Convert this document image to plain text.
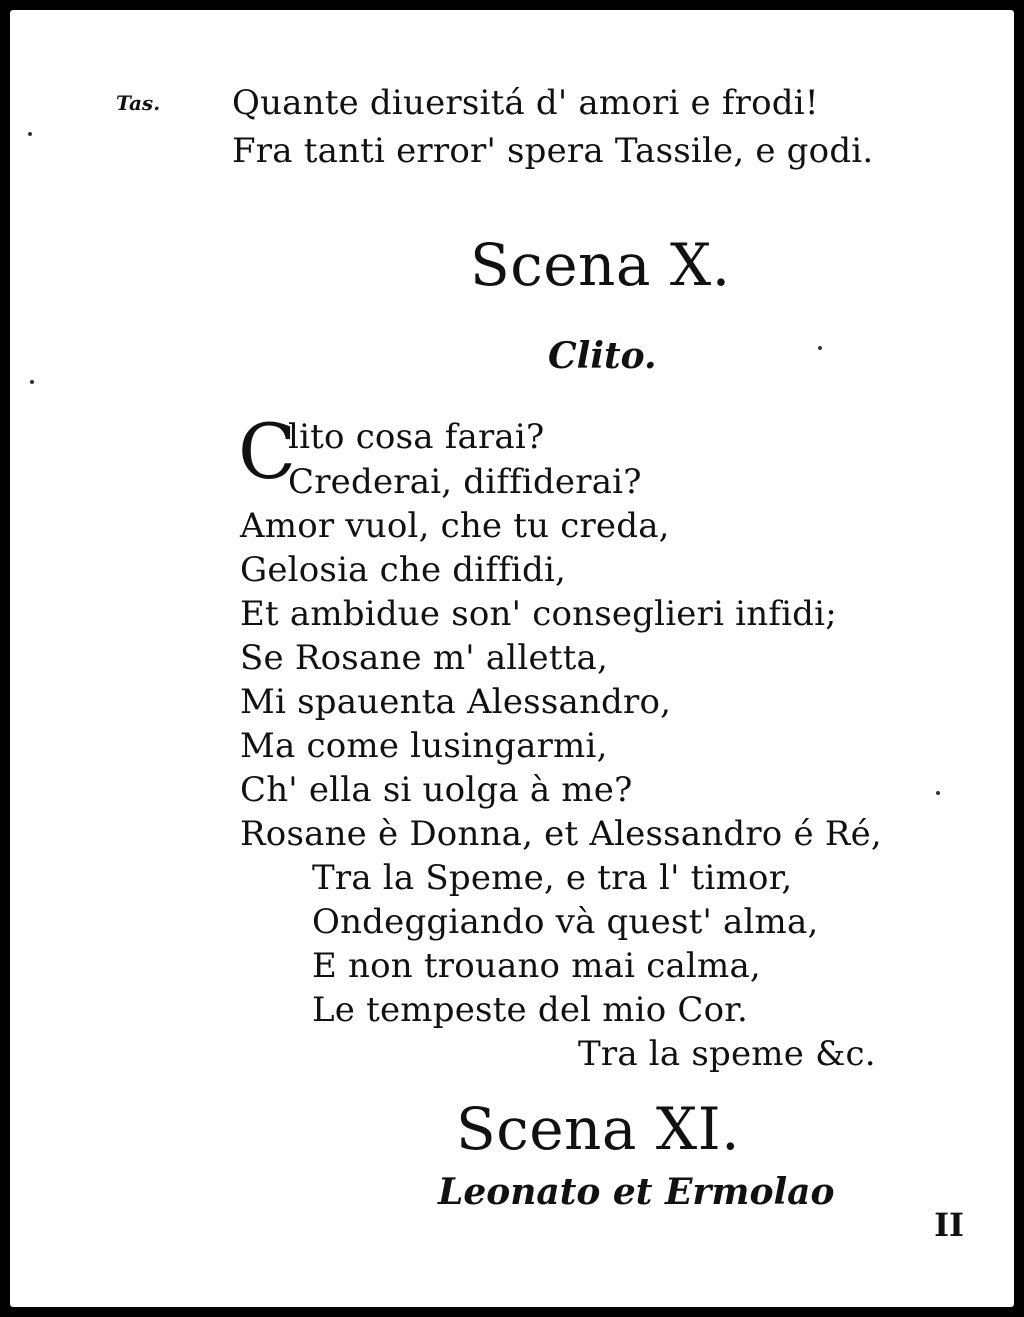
Tas. Quante diuersitá d' amori e frodi!
Fra tanti error' spera Tassile, e godi.
Scena X.
Clito.
C
lito cosa farai?
Crederai, diffiderai?
Amor vuol, che tu creda,
Gelosia che diffidi,
Et ambidue son' conseglieri infidi;
Se Rosane m' alletta,
Mi spauenta Alessandro,
Ma come lusingarmi,
Ch' ella si uolga à me?
Rosane è Donna, et Alessandro é Ré,
Tra la Speme, e tra l' timor,
Ondeggiando và quest' alma,
E non trouano mai calma,
Le tempeste del mio Cor.
Tra la speme &c.
Scena XI.
Leonato et Ermolao
II
